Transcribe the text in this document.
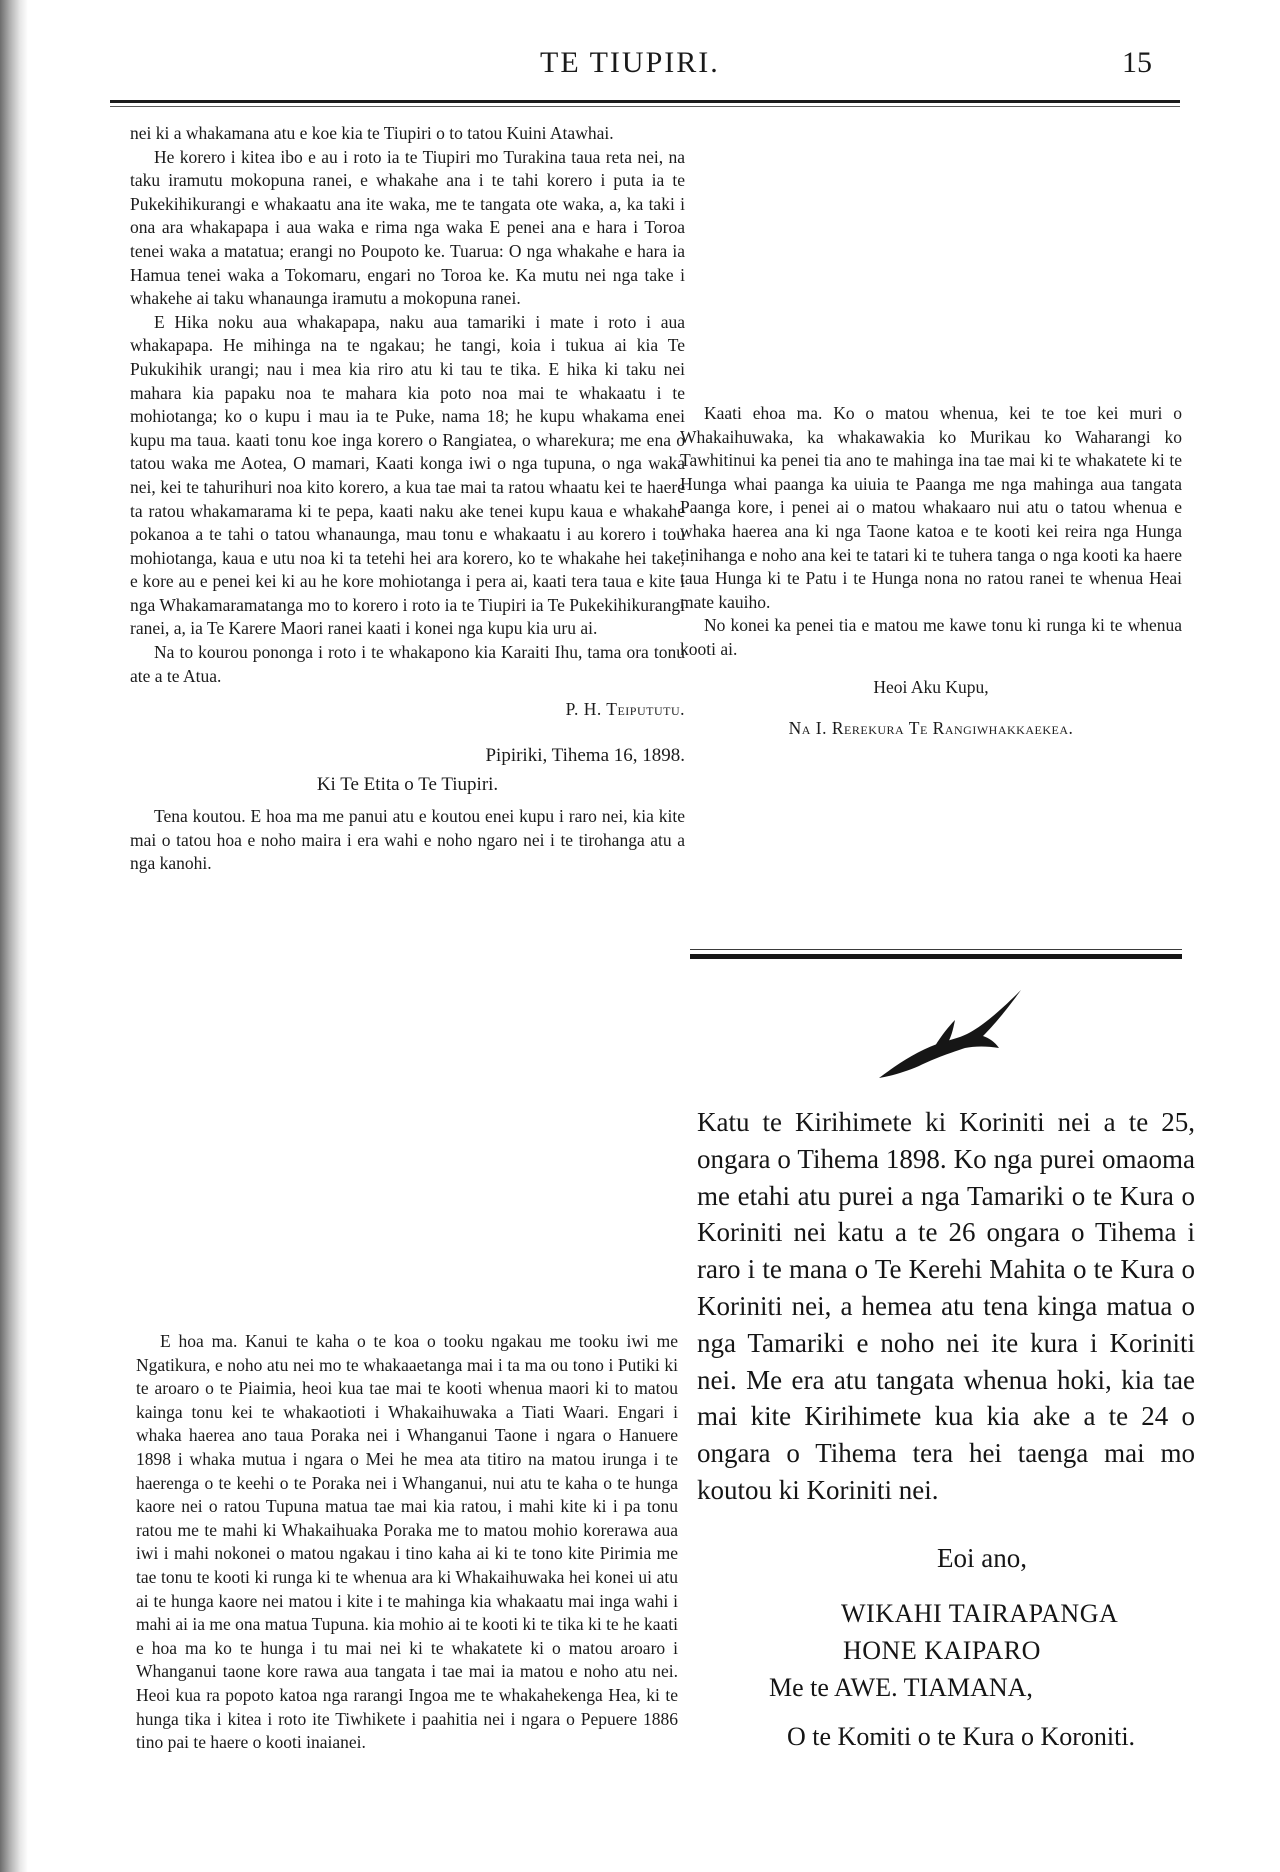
TE TIUPIRI.	15

nei ki a whakamana atu e koe kia te Tiupiri o to tatou Kuini Atawhai.

He korero i kitea ibo e au i roto ia te Tiupiri mo Turakina taua reta nei, na taku iramutu mokopuna ranei, e whakahe ana i te tahi korero i puta ia te Pukekihikurangi e whakaatu ana ite waka, me te tangata ote waka, a, ka taki i ona ara whakapapa i aua waka e rima nga waka E penei ana e hara i Toroa tenei waka a matatua; erangi no Poupoto ke. Tuarua: O nga whakahe e hara ia Hamua tenei waka a Tokomaru, engari no Toroa ke. Ka mutu nei nga take i whakehe ai taku whanaunga iramutu a mokopuna ranei.

E Hika noku aua whakapapa, naku aua tamariki i mate i roto i aua whakapapa. He mihinga na te ngakau; he tangi, koia i tukua ai kia Te Pukukihik urangi; nau i mea kia riro atu ki tau te tika. E hika ki taku nei mahara kia papaku noa te mahara kia poto noa mai te whakaatu i te mohiotanga; ko o kupu i mau ia te Puke, nama 18; he kupu whakama enei kupu ma taua. kaati tonu koe inga korero o Rangiatea, o wharekura; me ena o tatou waka me Aotea, O mamari, Kaati konga iwi o nga tupuna, o nga waka nei, kei te tahurihuri noa kito korero, a kua tae mai ta ratou whaatu kei te haere ta ratou whakamarama ki te pepa, kaati naku ake tenei kupu kaua e whakahe pokanoa a te tahi o tatou whanaunga, mau tonu e whakaatu i au korero i tou mohiotanga, kaua e utu noa ki ta tetehi hei ara korero, ko te whakahe hei take, e kore au e penei kei ki au he kore mohiotanga i pera ai, kaati tera taua e kite i nga Whakamaramatanga mo to korero i roto ia te Tiupiri ia Te Pukekihikurangi ranei, a, ia Te Karere Maori ranei kaati i konei nga kupu kia uru ai.

Na to kourou pononga i roto i te whakapono kia Karaiti Ihu, tama ora tonu ate a te Atua.

P. H. Teipututu.

Pipiriki, Tihema 16, 1898.

Ki Te Etita o Te Tiupiri.

Tena koutou. E hoa ma me panui atu e koutou enei kupu i raro nei, kia kite mai o tatou hoa e noho maira i era wahi e noho ngaro nei i te tirohanga atu a nga kanohi.

E hoa ma. Kanui te kaha o te koa o tooku ngakau me tooku iwi me Ngatikura, e noho atu nei mo te whakaaetanga mai i ta ma ou tono i Putiki ki te aroaro o te Piaimia, heoi kua tae mai te kooti whenua maori ki to matou kainga tonu kei te whakaotioti i Whakaihuwaka a Tiati Waari. Engari i whaka haerea ano taua Poraka nei i Whanganui Taone i ngara o Hanuere 1898 i whaka mutua i ngara o Mei he mea ata titiro na matou irunga i te haerenga o te keehi o te Poraka nei i Whanganui, nui atu te kaha o te hunga kaore nei o ratou Tupuna matua tae mai kia ratou, i mahi kite ki i pa tonu ratou me te mahi ki Whakaihuaka Poraka me to matou mohio korerawa aua iwi i mahi nokonei o matou ngakau i tino kaha ai ki te tono kite Pirimia me tae tonu te kooti ki runga ki te whenua ara ki Whakaihuwaka hei konei ui atu ai te hunga kaore nei matou i kite i te mahinga kia whakaatu mai inga wahi i mahi ai ia me ona matua Tupuna. kia mohio ai te kooti ki te tika ki te he kaati e hoa ma ko te hunga i tu mai nei ki te whakatete ki o matou aroaro i Whanganui taone kore rawa aua tangata i tae mai ia matou e noho atu nei. Heoi kua ra popoto katoa nga rarangi Ingoa me te whakahekenga Hea, ki te hunga tika i kitea i roto ite Tiwhikete i paahitia nei i ngara o Pepuere 1886 tino pai te haere o kooti inaianei.

Kaati ehoa ma. Ko o matou whenua, kei te toe kei muri o Whakaihuwaka, ka whakawakia ko Murikau ko Waharangi ko Tawhitinui ka penei tia ano te mahinga ina tae mai ki te whakatete ki te Hunga whai paanga ka uiuia te Paanga me nga mahinga aua tangata Paanga kore, i penei ai o matou whakaaro nui atu o tatou whenua e whaka haerea ana ki nga Taone katoa e te kooti kei reira nga Hunga tinihanga e noho ana kei te tatari ki te tuhera tanga o nga kooti ka haere taua Hunga ki te Patu i te Hunga nona no ratou ranei te whenua Heai mate kauiho.

No konei ka penei tia e matou me kawe tonu ki runga ki te whenua kooti ai.

Heoi Aku Kupu,

Na I. Rerekura Te Rangiwhakkaekea.

Katu te Kirihimete ki Koriniti nei a te 25, ongara o Tihema 1898. Ko nga purei omaoma me etahi atu purei a nga Tamariki o te Kura o Koriniti nei katu a te 26 ongara o Tihema i raro i te mana o Te Kerehi Mahita o te Kura o Koriniti nei, a hemea atu tena kinga matua o nga Tamariki e noho nei ite kura i Koriniti nei. Me era atu tangata whenua hoki, kia tae mai kite Kirihimete kua kia ake a te 24 o ongara o Tihema tera hei taenga mai mo koutou ki Koriniti nei.

Eoi ano,
WIKAHI TAIRAPANGA
HONE KAIPARO
Me te AWE. TIAMANA,
O te Komiti o te Kura o Koroniti.
